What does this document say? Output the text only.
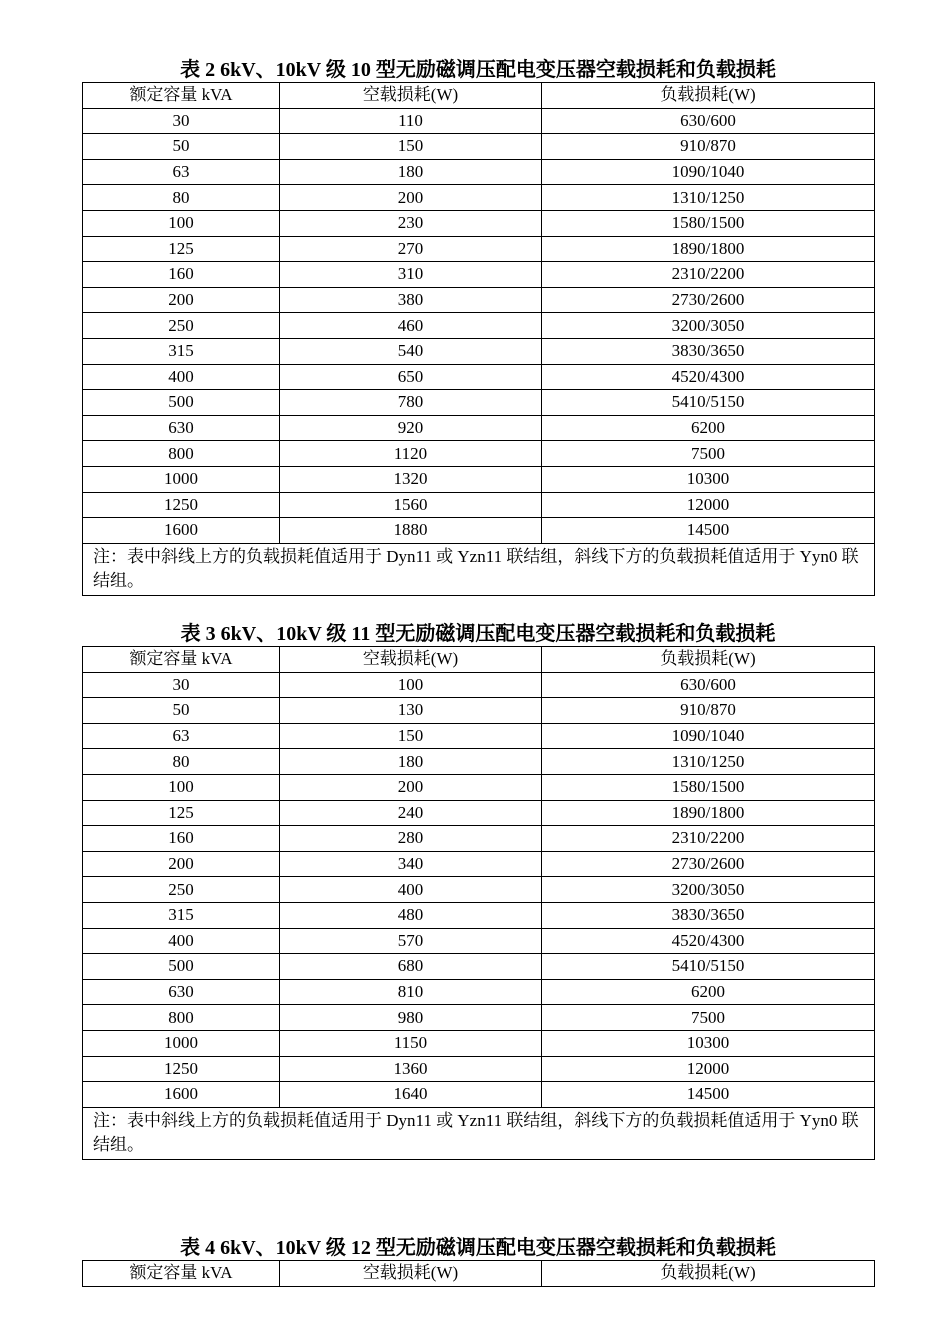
表 2 6kV、10kV 级 10 型无励磁调压配电变压器空载损耗和负载损耗
额定容量 kVA	空载损耗(W)	负载损耗(W)
30	110	630/600
50	150	910/870
63	180	1090/1040
80	200	1310/1250
100	230	1580/1500
125	270	1890/1800
160	310	2310/2200
200	380	2730/2600
250	460	3200/3050
315	540	3830/3650
400	650	4520/4300
500	780	5410/5150
630	920	6200
800	1120	7500
1000	1320	10300
1250	1560	12000
1600	1880	14500
注：表中斜线上方的负载损耗值适用于 Dyn11 或 Yzn11 联结组，斜线下方的负载损耗值适用于 Yyn0 联结组。		
表 3 6kV、10kV 级 11 型无励磁调压配电变压器空载损耗和负载损耗
额定容量 kVA	空载损耗(W)	负载损耗(W)
30	100	630/600
50	130	910/870
63	150	1090/1040
80	180	1310/1250
100	200	1580/1500
125	240	1890/1800
160	280	2310/2200
200	340	2730/2600
250	400	3200/3050
315	480	3830/3650
400	570	4520/4300
500	680	5410/5150
630	810	6200
800	980	7500
1000	1150	10300
1250	1360	12000
1600	1640	14500
注：表中斜线上方的负载损耗值适用于 Dyn11 或 Yzn11 联结组，斜线下方的负载损耗值适用于 Yyn0 联结组。		
表 4 6kV、10kV 级 12 型无励磁调压配电变压器空载损耗和负载损耗
额定容量 kVA	空载损耗(W)	负载损耗(W)
